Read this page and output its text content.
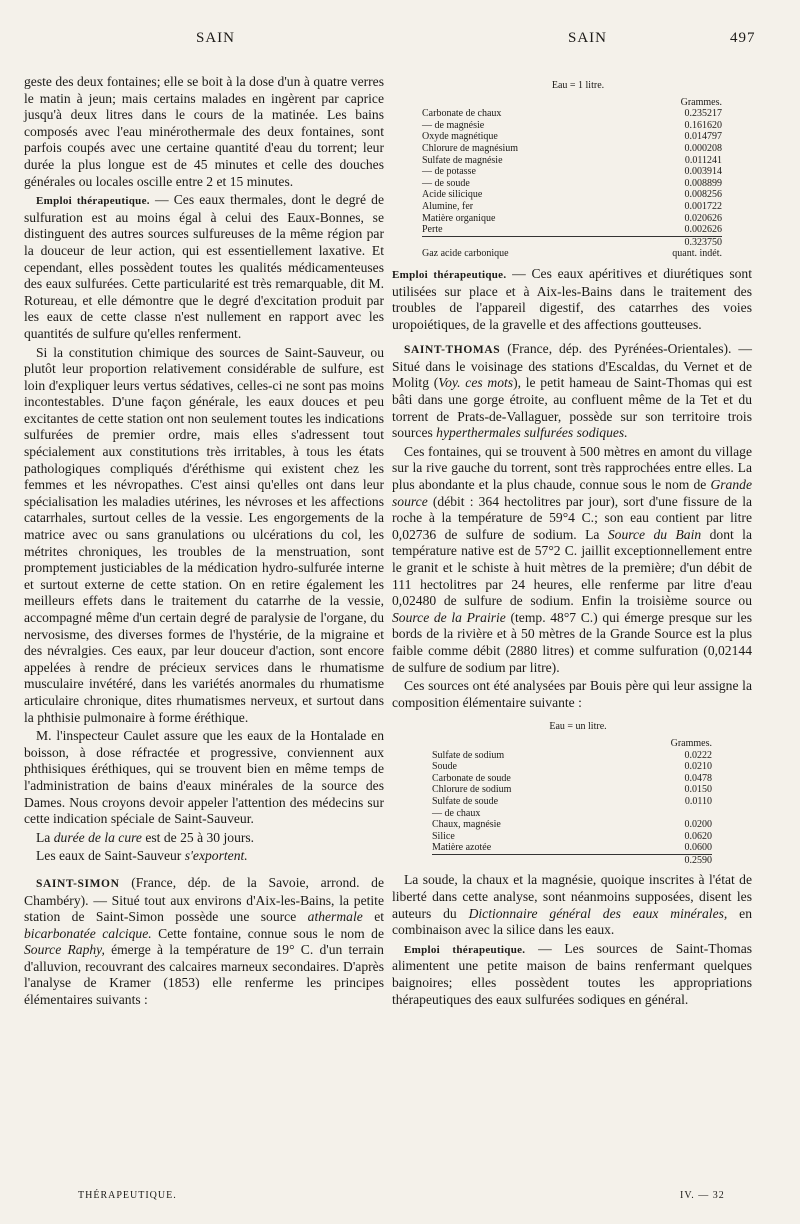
SAIN	SAIN	497

geste des deux fontaines; elle se boit à la dose d'un à quatre verres le matin à jeun; mais certains malades en ingèrent par caprice jusqu'à deux litres dans le cours de la matinée. Les bains composés avec l'eau minérothermale des deux fontaines, sont parfois coupés avec une certaine quantité d'eau du torrent; leur durée la plus longue est de 45 minutes et celle des douches générales ou locales oscille entre 2 et 15 minutes.

Emploi thérapeutique. — Ces eaux thermales, dont le degré de sulfuration est au moins égal à celui des Eaux-Bonnes, se distinguent des autres sources sulfureuses de la même région par la douceur de leur action, qui est essentiellement laxative. Et cependant, elles possèdent toutes les qualités médicamenteuses des eaux sulfurées. Cette particularité est très remarquable, dit M. Rotureau, et elle démontre que le degré d'excitation produit par les eaux de cette classe n'est nullement en rapport avec les quantités de sulfure qu'elles renferment.

Si la constitution chimique des sources de Saint-Sauveur, ou plutôt leur proportion relativement considérable de sulfure, est loin d'expliquer leurs vertus sédatives, celles-ci ne sont pas moins incontestables. D'une façon générale, les eaux douces et peu excitantes de cette station ont non seulement toutes les indications sulfurées de premier ordre, mais elles s'adressent tout spécialement aux constitutions très irritables, à tous les états pathologiques compliqués d'éréthisme qui existent chez les femmes et les névropathes. C'est ainsi qu'elles ont dans leur spécialisation les maladies utérines, les névroses et les affections catarrhales, surtout celles de la vessie. Les engorgements de la matrice avec ou sans granulations ou ulcérations du col, les métrites chroniques, les troubles de la menstruation, sont promptement justiciables de la médication hydro-sulfurée interne et surtout externe de cette station. On en retire également les meilleurs effets dans le traitement du catarrhe de la vessie, accompagné même d'un certain degré de paralysie de l'organe, du nervosisme, des diverses formes de l'hystérie, de la migraine et des névralgies. Ces eaux, par leur douceur d'action, sont encore appelées à rendre de précieux services dans le rhumatisme musculaire invétéré, dans les variétés anormales du rhumatisme articulaire chronique, dites rhumatismes nerveux, et surtout dans la phthisie pulmonaire à forme éréthique.

M. l'inspecteur Caulet assure que les eaux de la Hontalade en boisson, à dose réfractée et progressive, conviennent aux phthisiques éréthiques, qui se trouvent bien en même temps de l'administration de bains d'eaux minérales de la source des Dames. Nous croyons devoir appeler l'attention des médecins sur cette indication spéciale de Saint-Sauveur.

La durée de la cure est de 25 à 30 jours.

Les eaux de Saint-Sauveur s'exportent.

SAINT-SIMON (France, dép. de la Savoie, arrond. de Chambéry). — Situé tout aux environs d'Aix-les-Bains, la petite station de Saint-Simon possède une source athermale et bicarbonatée calcique. Cette fontaine, connue sous le nom de Source Raphy, émerge à la température de 19° C. d'un terrain d'alluvion, recouvrant des calcaires marneux secondaires. D'après l'analyse de Kramer (1853) elle renferme les principes élémentaires suivants :

Eau = 1 litre.

	Grammes.
Carbonate de chaux	0.235217
— de magnésie	0.161620
Oxyde magnétique	0.014797
Chlorure de magnésium	0.000208
Sulfate de magnésie	0.011241
— de potasse	0.003914
— de soude	0.008899
Acide silicique	0.008256
Alumine, fer	0.001722
Matière organique	0.020626
Perte	0.002626
	0.323750
Gaz acide carbonique	quant. indét.

Emploi thérapeutique. — Ces eaux apéritives et diurétiques sont utilisées sur place et à Aix-les-Bains dans le traitement des troubles de l'appareil digestif, des catarrhes des voies uropoiétiques, de la gravelle et des affections goutteuses.

SAINT-THOMAS (France, dép. des Pyrénées-Orientales). — Situé dans le voisinage des stations d'Escaldas, du Vernet et de Molitg (Voy. ces mots), le petit hameau de Saint-Thomas qui est bâti dans une gorge étroite, au confluent même de la Tet et du torrent de Prats-de-Vallaguer, possède sur son territoire trois sources hyperthermales sulfurées sodiques.

Ces fontaines, qui se trouvent à 500 mètres en amont du village sur la rive gauche du torrent, sont très rapprochées entre elles. La plus abondante et la plus chaude, connue sous le nom de Grande source (débit : 364 hectolitres par jour), sort d'une fissure de la roche à la température de 59°4 C.; son eau contient par litre 0,02736 de sulfure de sodium. La Source du Bain dont la température native est de 57°2 C. jaillit exceptionnellement entre le granit et le schiste à huit mètres de la première; d'un débit de 111 hectolitres par 24 heures, elle renferme par litre d'eau 0,02480 de sulfure de sodium. Enfin la troisième source ou Source de la Prairie (temp. 48°7 C.) qui émerge presque sur les bords de la rivière et à 50 mètres de la Grande Source est la plus faible comme débit (2880 litres) et comme sulfuration (0,02144 de sulfure de sodium par litre).

Ces sources ont été analysées par Bouis père qui leur assigne la composition élémentaire suivante :

Eau = un litre.

	Grammes.
Sulfate de sodium	0.0222
Soude	0.0210
Carbonate de soude	0.0478
Chlorure de sodium	0.0150
Sulfate de soude	0.0110
— de chaux	
Chaux, magnésie	0.0200
Silice	0.0620
Matière azotée	0.0600
	0.2590

La soude, la chaux et la magnésie, quoique inscrites à l'état de liberté dans cette analyse, sont néanmoins supposées, disent les auteurs du Dictionnaire général des eaux minérales, en combinaison avec la silice dans les eaux.

Emploi thérapeutique. — Les sources de Saint-Thomas alimentent une petite maison de bains renfermant quelques baignoires; elles possèdent toutes les appropriations thérapeutiques des eaux sulfurées sodiques en général.

THÉRAPEUTIQUE.	IV. — 32
